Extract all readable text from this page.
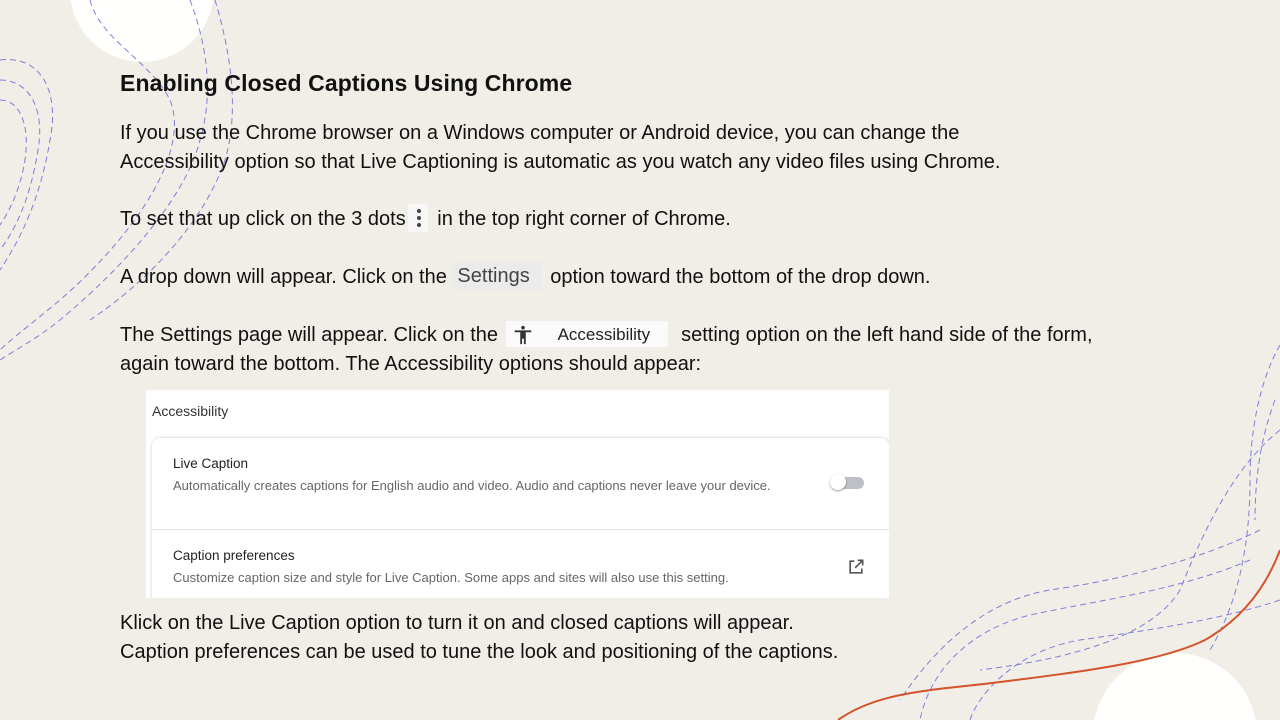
Enabling Closed Captions Using Chrome
If you use the Chrome browser on a Windows computer or Android device, you can change the
Accessibility option so that Live Captioning is automatic as you watch any video files using Chrome.
To set that up click on the 3 dots
in the top right corner of Chrome.
A drop down will appear. Click on the Settings option toward the bottom of the drop down.
The Settings page will appear. Click on the	Accessibility setting option on the left hand side of the form,
again toward the bottom. The Accessibility options should appear:
Accessibility
Live Caption
Automatically creates captions for English audio and video. Audio and captions never leave your device.
Caption preferences
Customize caption size and style for Live Caption. Some apps and sites will also use this setting.
Klick on the Live Caption option to turn it on and closed captions will appear.
Caption preferences can be used to tune the look and positioning of the captions.
